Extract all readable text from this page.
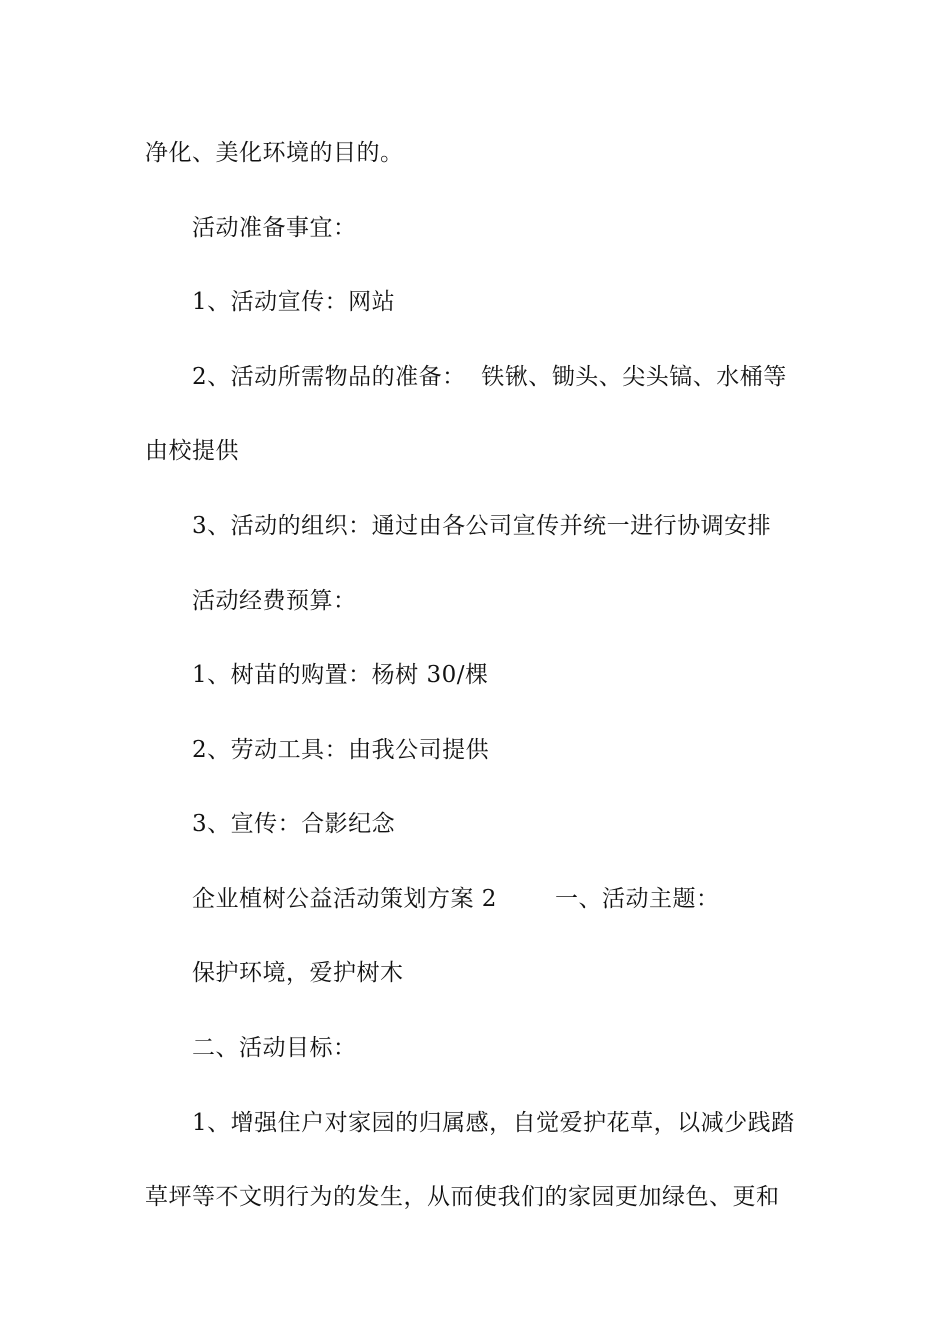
净化、美化环境的目的。
活动准备事宜：
1、活动宣传：网站
2、活动所需物品的准备：  铁锹、锄头、尖头镐、水桶等
由校提供
3、活动的组织：通过由各公司宣传并统一进行协调安排
活动经费预算：
1、树苗的购置：杨树 30/棵
2、劳动工具：由我公司提供
3、宣传：合影纪念
企业植树公益活动策划方案 2	一、活动主题：
保护环境，爱护树木
二、活动目标：
1、增强住户对家园的归属感，自觉爱护花草，以减少践踏
草坪等不文明行为的发生，从而使我们的家园更加绿色、更和
